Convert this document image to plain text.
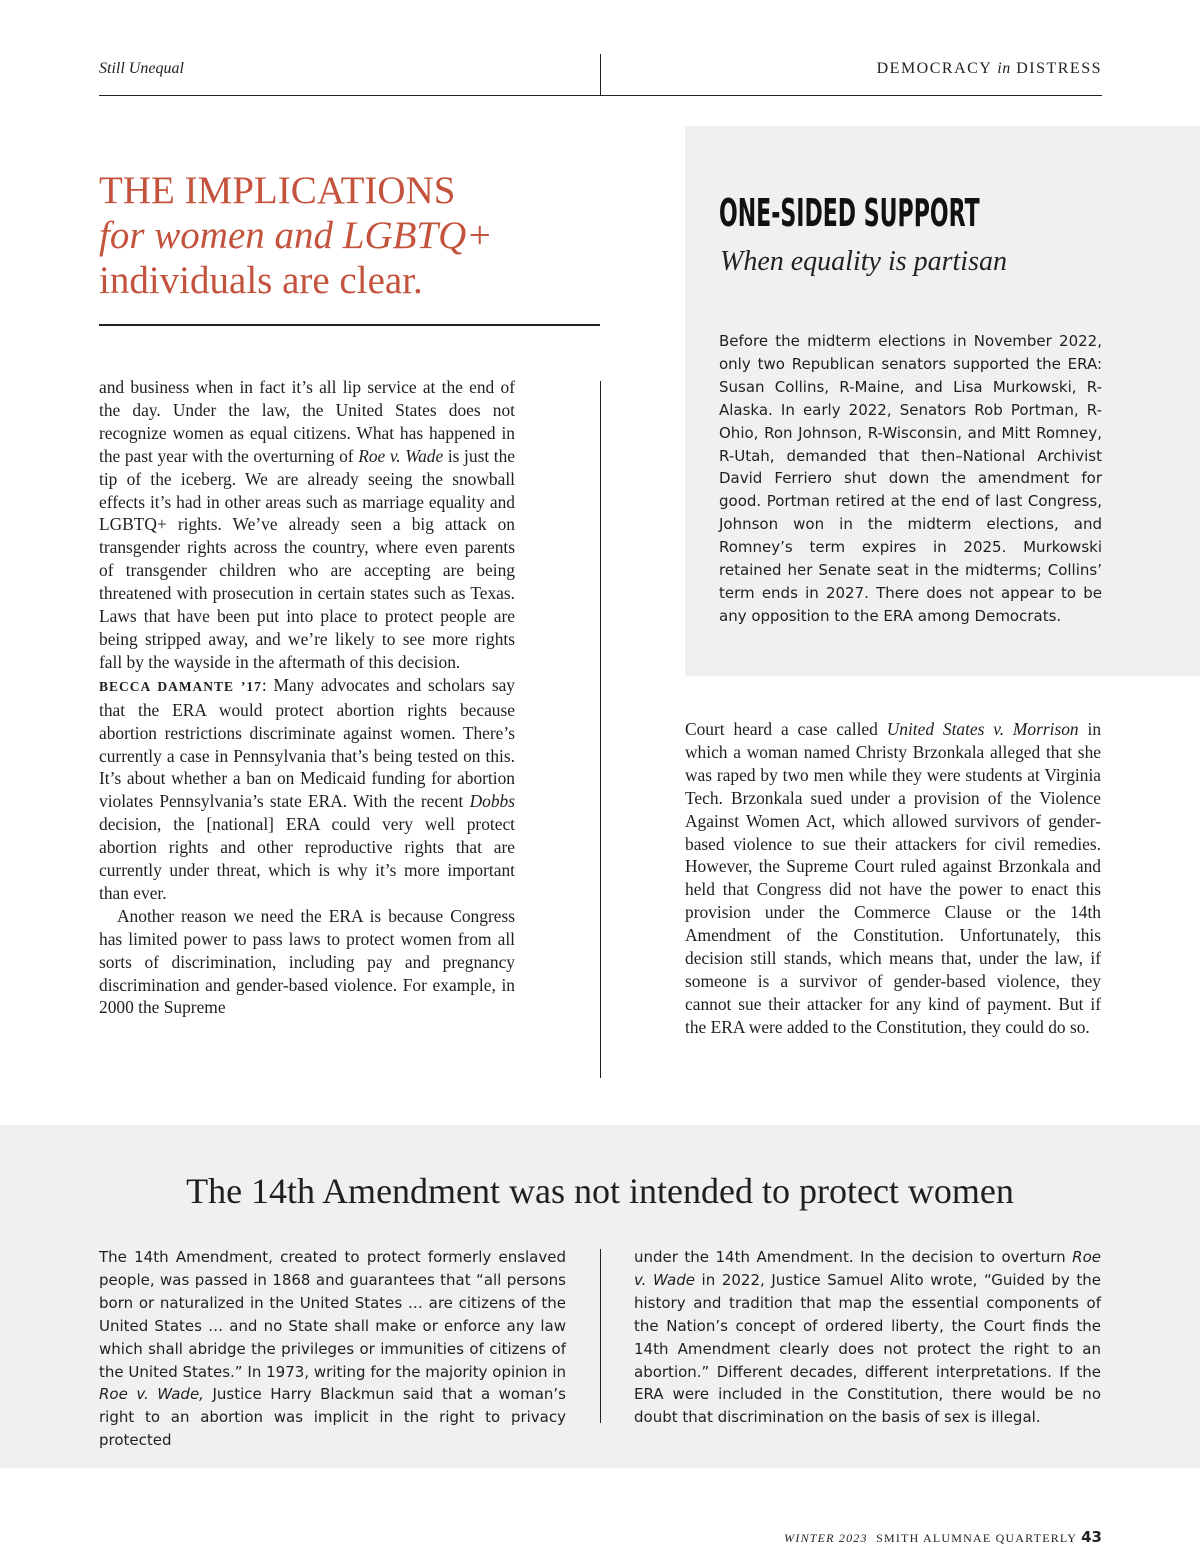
Still Unequal	DEMOCRACY in DISTRESS
THE IMPLICATIONS
for women and LGBTQ+
individuals are clear.
ONE-SIDED SUPPORT
When equality is partisan
Before the midterm elections in November 2022, only two Republican senators supported the ERA: Susan Collins, R-Maine, and Lisa Murkowski, R-Alaska. In early 2022, Senators Rob Portman, R-Ohio, Ron Johnson, R-Wisconsin, and Mitt Romney, R-Utah, demanded that then–National Archivist David Ferriero shut down the amendment for good. Portman retired at the end of last Congress, Johnson won in the midterm elections, and Romney’s term expires in 2025. Murkowski retained her Senate seat in the midterms; Collins’ term ends in 2027. There does not appear to be any opposition to the ERA among Democrats.

and business when in fact it’s all lip service at the end of the day. Under the law, the United States does not recognize women as equal citizens. What has happened in the past year with the overturning of Roe v. Wade is just the tip of the iceberg. We are already seeing the snowball effects it’s had in other areas such as marriage equality and LGBTQ+ rights. We’ve already seen a big attack on transgender rights across the country, where even parents of transgender children who are accepting are being threatened with prosecution in certain states such as Texas. Laws that have been put into place to protect people are being stripped away, and we’re likely to see more rights fall by the wayside in the aftermath of this decision.

BECCA DAMANTE ’17: Many advocates and scholars say that the ERA would protect abortion rights because abortion restrictions discriminate against women. There’s currently a case in Pennsylvania that’s being tested on this. It’s about whether a ban on Medicaid funding for abortion violates Pennsylvania’s state ERA. With the recent Dobbs decision, the [national] ERA could very well protect abortion rights and other reproductive rights that are currently under threat, which is why it’s more important than ever.

Another reason we need the ERA is because Congress has limited power to pass laws to protect women from all sorts of discrimination, including pay and pregnancy discrimination and gender-based violence. For example, in 2000 the Supreme

Court heard a case called United States v. Morrison in which a woman named Christy Brzonkala alleged that she was raped by two men while they were students at Virginia Tech. Brzonkala sued under a provision of the Violence Against Women Act, which allowed survivors of gender-based violence to sue their attackers for civil remedies. However, the Supreme Court ruled against Brzonkala and held that Congress did not have the power to enact this provision under the Commerce Clause or the 14th Amendment of the Constitution. Unfortunately, this decision still stands, which means that, under the law, if someone is a survivor of gender-based violence, they cannot sue their attacker for any kind of payment. But if the ERA were added to the Constitution, they could do so.

The 14th Amendment was not intended to protect women
The 14th Amendment, created to protect formerly enslaved people, was passed in 1868 and guarantees that “all persons born or naturalized in the United States … are citizens of the United States … and no State shall make or enforce any law which shall abridge the privileges or immunities of citizens of the United States.” In 1973, writing for the majority opinion in Roe v. Wade, Justice Harry Blackmun said that a woman’s right to an abortion was implicit in the right to privacy protected
under the 14th Amendment. In the decision to overturn Roe v. Wade in 2022, Justice Samuel Alito wrote, “Guided by the history and tradition that map the essential components of the Nation’s concept of ordered liberty, the Court finds the 14th Amendment clearly does not protect the right to an abortion.” Different decades, different interpretations. If the ERA were included in the Constitution, there would be no doubt that discrimination on the basis of sex is illegal.
WINTER 2023 SMITH ALUMNAE QUARTERLY 43
